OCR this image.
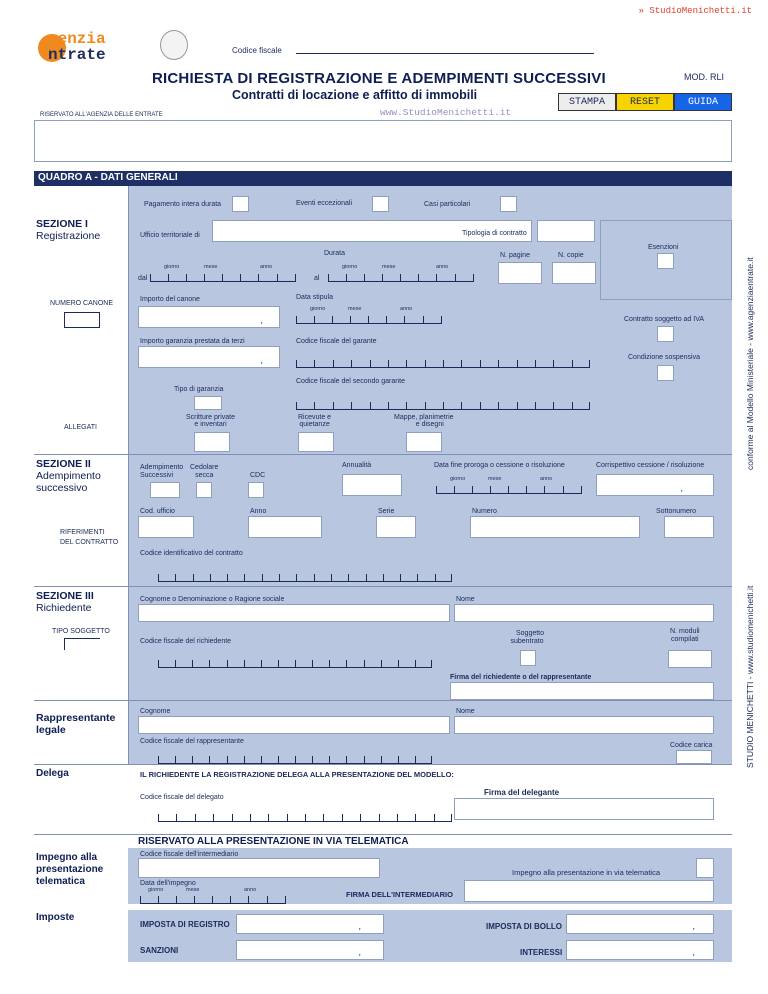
» StudioMenichetti.it
genzia
ntrate	Codice fiscale
RICHIESTA DI REGISTRAZIONE E ADEMPIMENTI SUCCESSIVI
Contratti di locazione e affitto di immobili
MOD. RLI
RISERVATO ALL'AGENZIA DELLE ENTRATE	www.StudioMenichetti.it
STAMPA	RESET	GUIDA
QUADRO A - DATI GENERALI
conforme al Modello Ministeriale - www.agenziaentrate.it
STUDIO MENICHETTI - www.studiomenichetti.it
Pagamento intera durata	Eventi eccezionali	Casi particolari
SEZIONE I
Registrazione	Ufficio territoriale di	Tipologia di contratto
Esenzioni
Durata
giorno	mese	anno
dal
giorno	mese	anno
al
N. pagine	N. copie
NUMERO CANONE
Importo del canone
,
Data stipula
giorno	mese	anno
Contratto soggetto ad IVA
Importo garanzia prestata da terzi
,
Codice fiscale del garante
Condizione sospensiva
Tipo di garanzia
Codice fiscale del secondo garante
ALLEGATI
Scritture private
e inventari
Ricevute e
quietanze
Mappe, planimetrie
e disegni
SEZIONE II
Adempimento
successivo
Adempimento
Successivi
Cedolare
secca	CDC
Annualità	Data fine proroga o cessione o risoluzione
giorno	mese	anno
Corrispettivo cessione / risoluzione
,
Cod. ufficio	Anno	Serie	Numero	Sottonumero
RIFERIMENTI
DEL CONTRATTO
Codice identificativo del contratto
SEZIONE III
Richiedente
Cognome o Denominazione o Ragione sociale	Nome
TIPO SOGGETTO
Codice fiscale del richiedente
Soggetto
subentrato
N. moduli
compilati
Firma del richiedente o del rappresentante
Rappresentante
legale
Cognome	Nome
Codice fiscale del rappresentante
Codice carica
Delega	IL RICHIEDENTE LA REGISTRAZIONE DELEGA ALLA PRESENTAZIONE DEL MODELLO:
Codice fiscale del delegato
Firma del delegante
RISERVATO ALLA PRESENTAZIONE IN VIA TELEMATICA
Impegno alla
presentazione
telematica
Codice fiscale dell'intermediario
Impegno alla presentazione in via telematica
Data dell'impegno
giorno	mese	anno	FIRMA DELL'INTERMEDIARIO
Imposte
IMPOSTA DI REGISTRO	,	IMPOSTA DI BOLLO	,
SANZIONI	,	INTERESSI	,
